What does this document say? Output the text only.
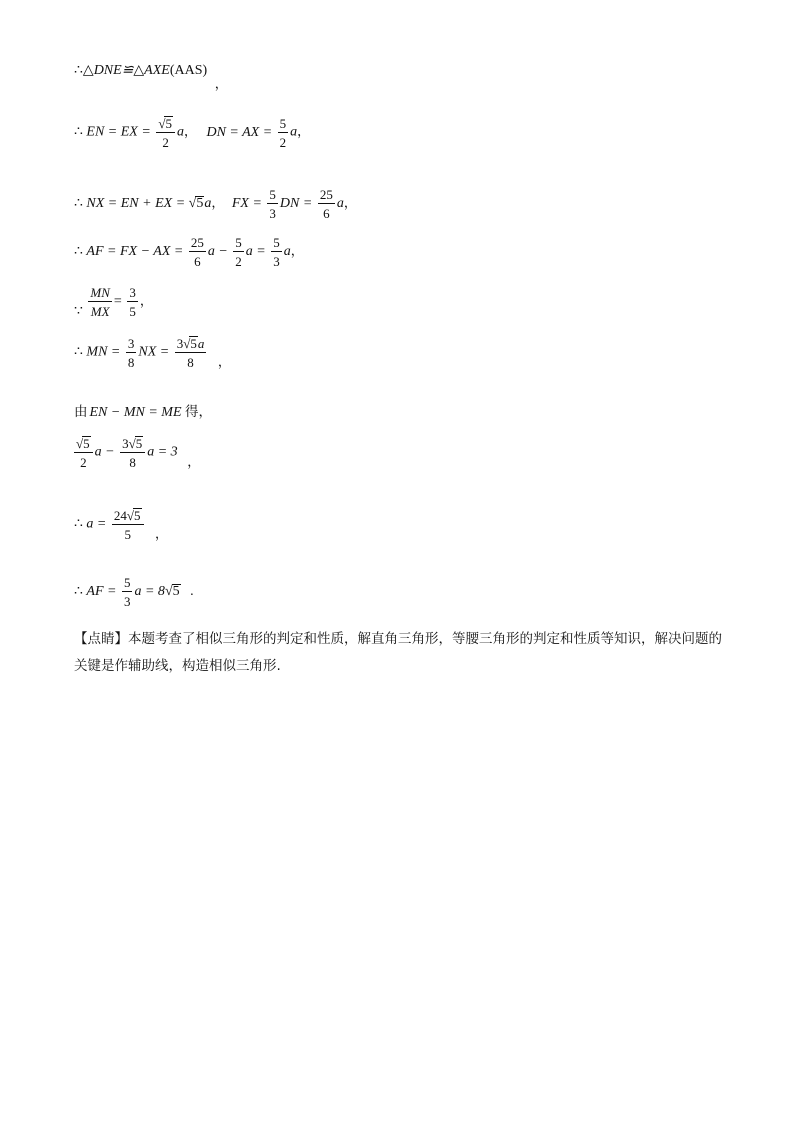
∴△DNE≌△AXE(AAS) ，
∴ EN = EX = $\frac{√5}{2}$ a， DN = AX = $\frac{5}{2}$ a，
∴ NX = EN + EX = √5a， FX = $\frac{5}{3}$ DN = $\frac{25}{6}$ a，
∴ AF = FX − AX = $\frac{25}{6}$ $a - \frac{5}{2}$ $a = \frac{5}{3}$ a，
∵ $\frac{MN}{MX} = \frac{3}{5}$ ，
∴ MN = $\frac{3}{8}$ NX = $\frac{3√5a}{8}$ ，
由 EN − MN = ME 得，
$\frac{√5}{2}$ $a - \frac{3√5}{8}$ a = 3 ，
∴ $a = \frac{24√5}{5}$ ，
∴ AF = $\frac{5}{3}$ a = 8√5 .
【点睛】本题考查了相似三角形的判定和性质，解直角三角形，等腰三角形的判定和性质等知识，解决问题的关键是作辅助线，构造相似三角形.
